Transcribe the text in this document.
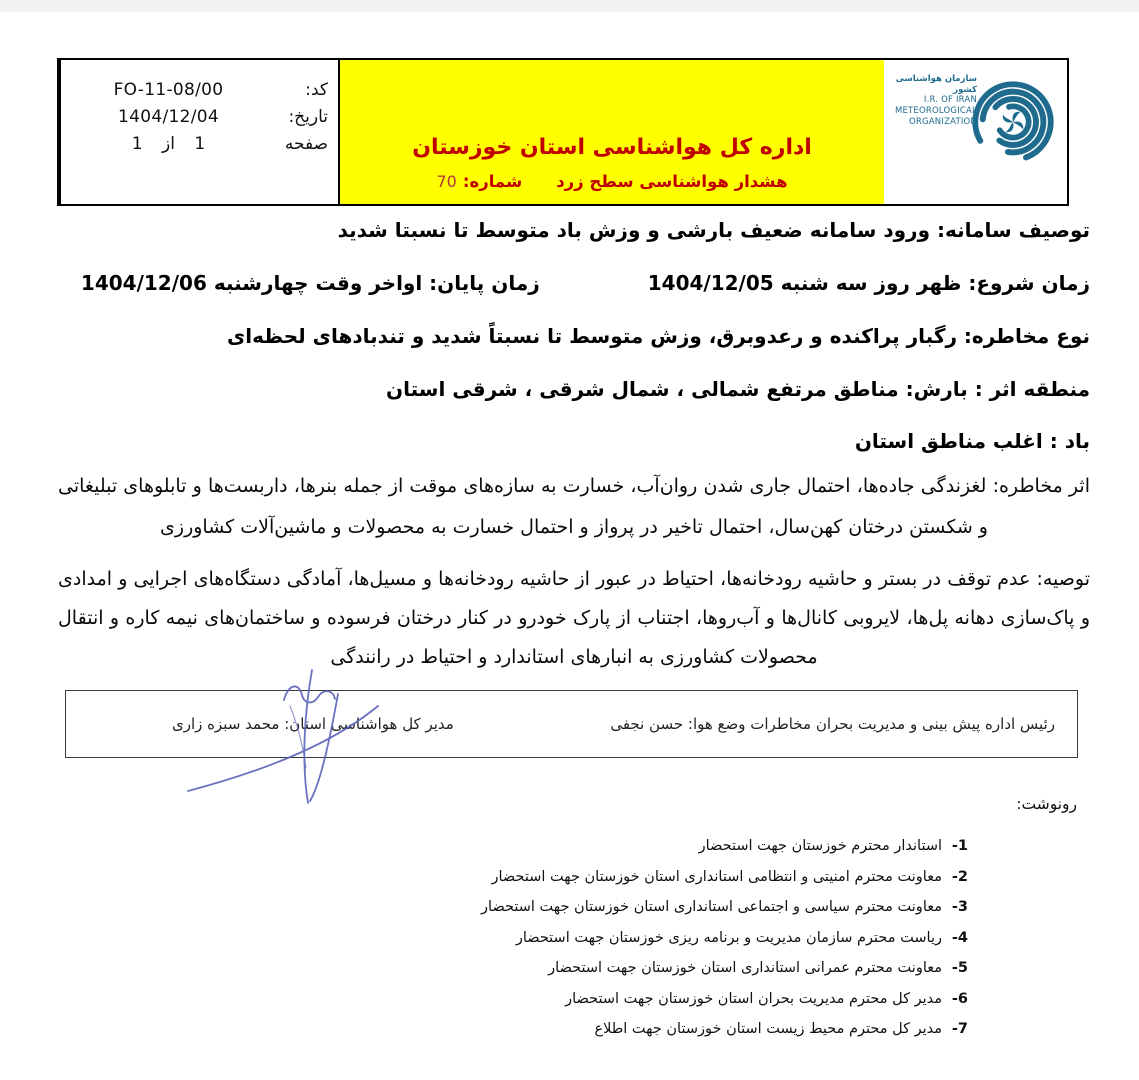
کد:
FO-11-08/00
تاریخ:
1404/12/04
صفحه
1 از 1	اداره کل هواشناسی استان خوزستان
هشدار هواشناسی سطح زرد
شماره:
70
سازمان هواشناسی کشور
I.R. OF IRAN
METEOROLOGICAL
ORGANIZATION
توصیف سامانه: ورود سامانه ضعیف بارشی و وزش باد متوسط تا نسبتا شدید
زمان شروع: ظهر روز سه شنبه 1404/12/05
زمان پایان: اواخر وقت چهارشنبه 1404/12/06
نوع مخاطره: رگبار پراکنده و رعدوبرق، وزش متوسط تا نسبتاً شدید و تندبادهای لحظه‌ای
منطقه اثر : بارش: مناطق مرتفع شمالی ، شمال شرقی ، شرقی استان
باد : اغلب مناطق استان
اثر مخاطره: لغزندگی جاده‌ها، احتمال جاری شدن روان‌آب، خسارت به سازه‌های موقت از جمله بنرها، داربست‌ها و تابلوهای تبلیغاتی و شکستن درختان کهن‌سال، احتمال تاخیر در پرواز و احتمال خسارت به محصولات و ماشین‌آلات کشاورزی
توصیه: عدم توقف در بستر و حاشیه رودخانه‌ها، احتیاط در عبور از حاشیه رودخانه‌ها و مسیل‌ها، آمادگی دستگاه‌های اجرایی و امدادی و پاک‌سازی دهانه پل‌ها، لایروبی کانال‌ها و آب‌روها، اجتناب از پارک خودرو در کنار درختان فرسوده و ساختمان‌های نیمه کاره و انتقال محصولات کشاورزی به انبارهای استاندارد و احتیاط در رانندگی
رئیس اداره پیش بینی و مدیریت بحران مخاطرات وضع هوا: حسن نجفی
مدیر کل هواشناسی استان: محمد سبزه زاری
رونوشت:
1-
استاندار محترم خوزستان جهت استحضار
2-
معاونت محترم امنیتی و انتظامی استانداری استان خوزستان جهت استحضار
3-
معاونت محترم سیاسی و اجتماعی استانداری استان خوزستان جهت استحضار
4-
ریاست محترم سازمان مدیریت و برنامه ریزی خوزستان جهت استحضار
5-
معاونت محترم عمرانی استانداری استان خوزستان جهت استحضار
6-
مدیر کل محترم مدیریت بحران استان خوزستان جهت استحضار
7-
مدیر کل محترم محیط زیست استان خوزستان جهت اطلاع
